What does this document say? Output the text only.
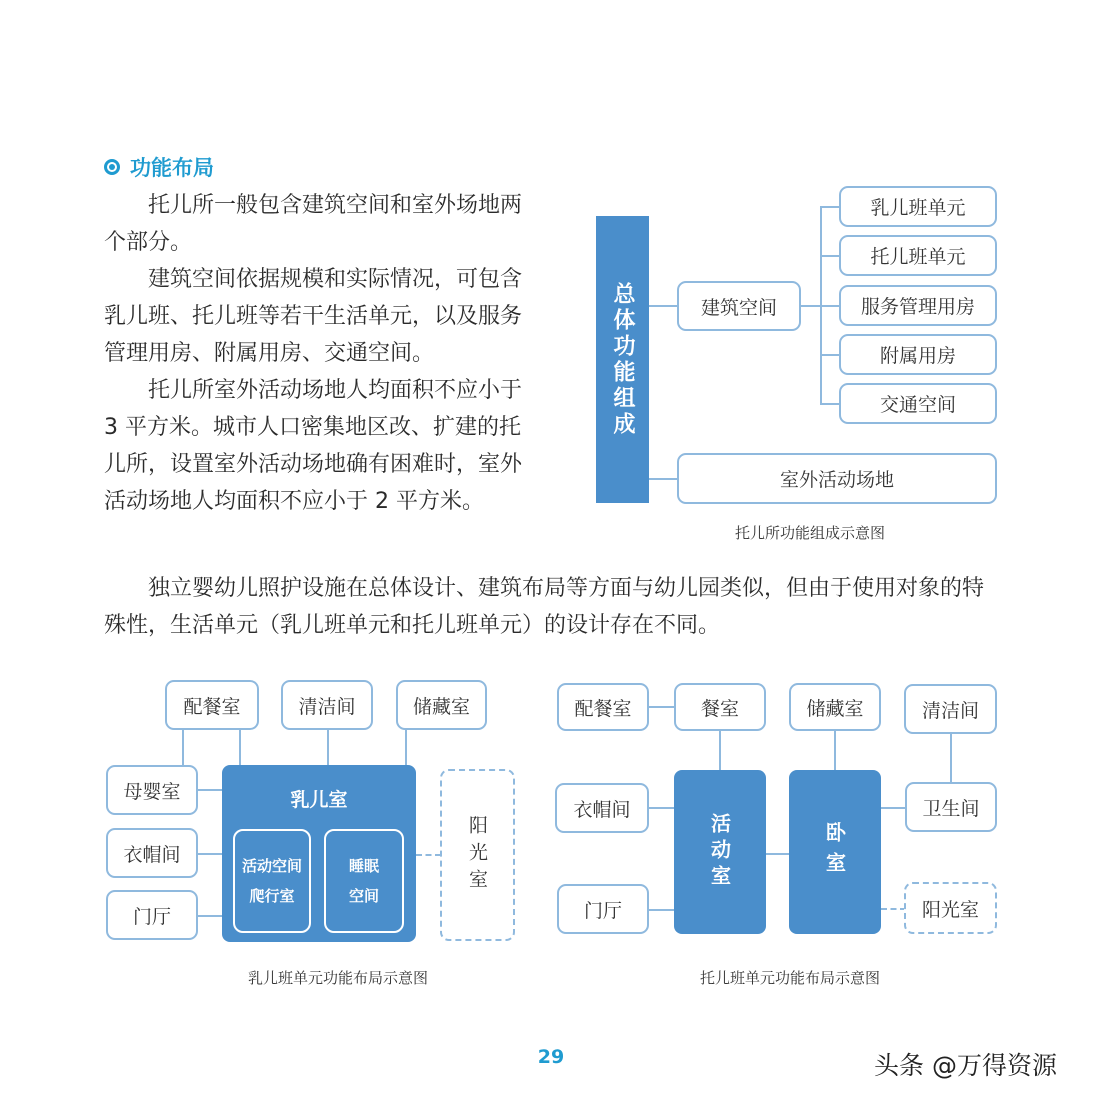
功能布局
托儿所一般包含建筑空间和室外场地两
个部分。
建筑空间依据规模和实际情况，可包含
乳儿班、托儿班等若干生活单元，以及服务
管理用房、附属用房、交通空间。
托儿所室外活动场地人均面积不应小于
3 平方米。城市人口密集地区改、扩建的托
儿所，设置室外活动场地确有困难时，室外
活动场地人均面积不应小于 2 平方米。
总体功能组成	建筑空间
乳儿班单元
托儿班单元
服务管理用房
附属用房
交通空间
室外活动场地
托儿所功能组成示意图
独立婴幼儿照护设施在总体设计、建筑布局等方面与幼儿园类似，但由于使用对象的特
殊性，生活单元（乳儿班单元和托儿班单元）的设计存在不同。
配餐室	清洁间	储藏室
母婴室
衣帽间
门厅
乳儿室
活动空间
爬行室
睡眠
空间
阳光室
乳儿班单元功能布局示意图
配餐室	餐室	储藏室	清洁间
衣帽间
门厅
活动室	卧室
卫生间
阳光室
托儿班单元功能布局示意图
29	头条 @万得资源
